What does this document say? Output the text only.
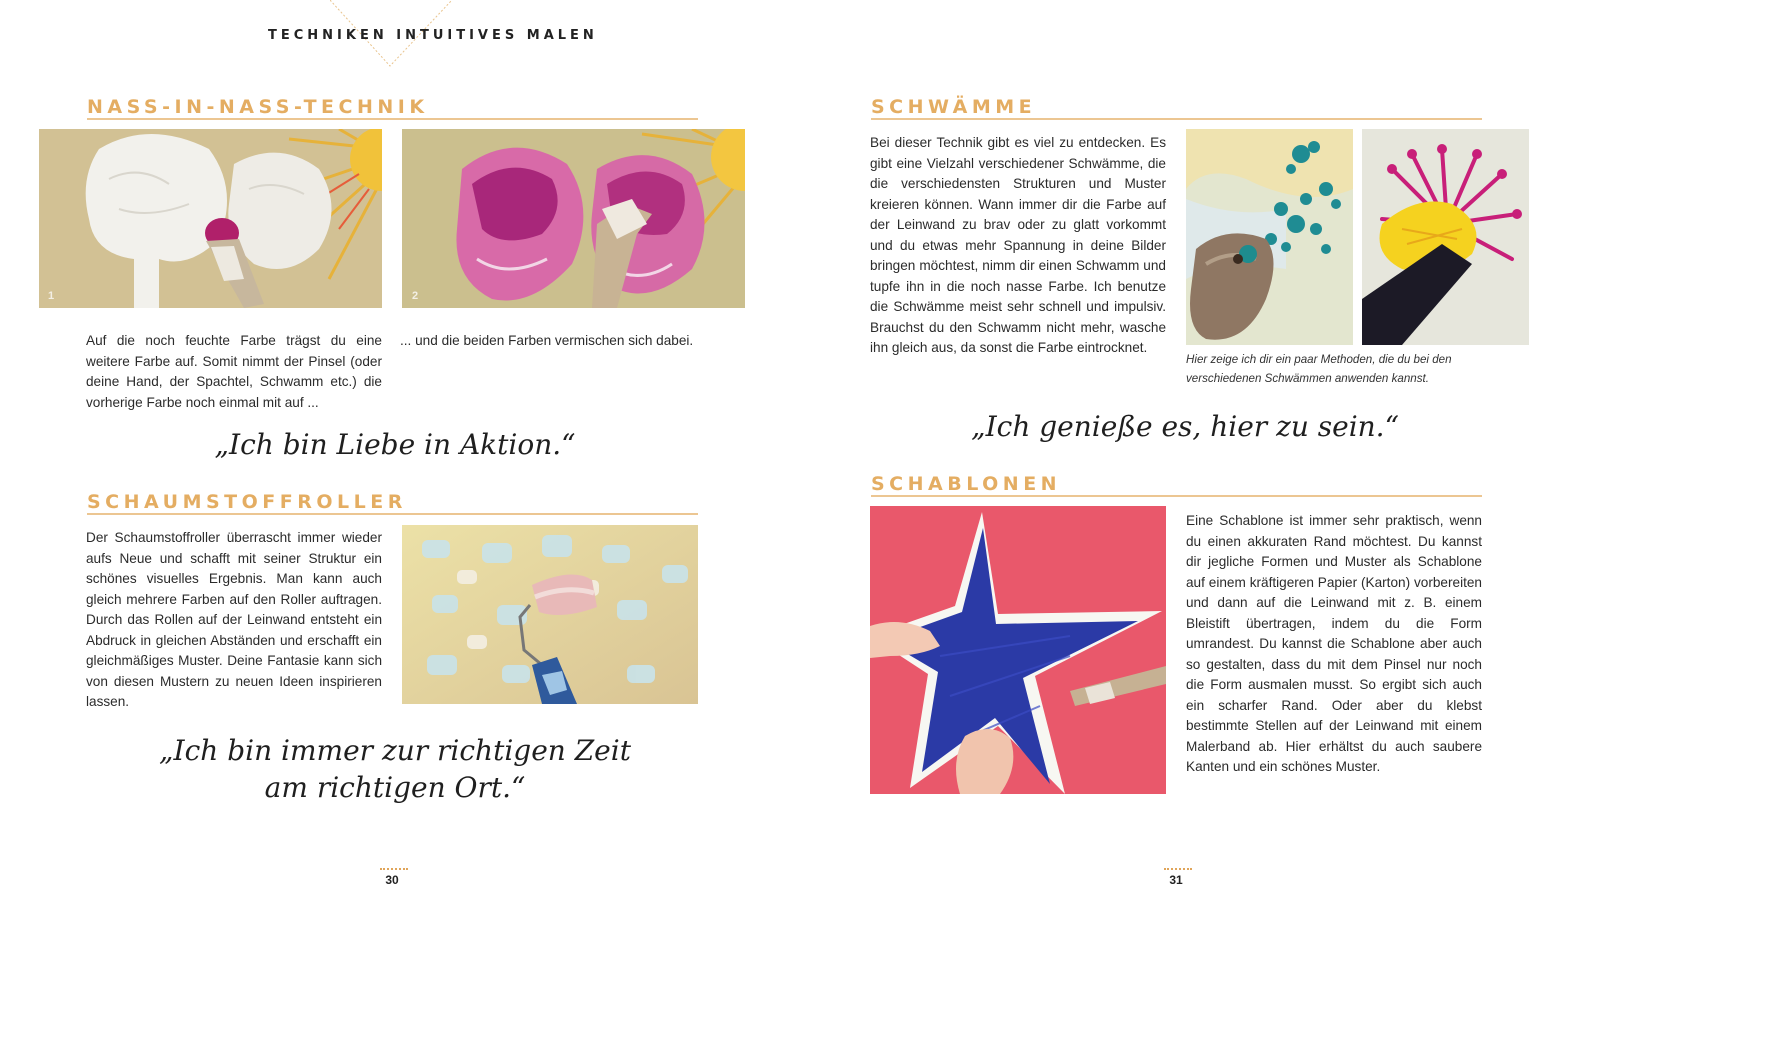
TECHNIKEN INTUITIVES MALEN
NASS-IN-NASS-TECHNIK
1	2
Auf die noch feuchte Farbe trägst du eine weitere Farbe auf. Somit nimmt der Pinsel (oder deine Hand, der Spachtel, Schwamm etc.) die vorherige Farbe noch einmal mit auf ...
... und die beiden Farben vermischen sich dabei.
„Ich bin Liebe in Aktion.“
SCHAUMSTOFFROLLER
Der Schaumstoffroller überrascht immer wieder aufs Neue und schafft mit seiner Struktur ein schönes visuelles Ergebnis. Man kann auch gleich mehrere Farben auf den Roller auftragen. Durch das Rollen auf der Leinwand entsteht ein Abdruck in gleichen Abständen und erschafft ein gleichmäßiges Muster. Deine Fantasie kann sich von diesen Mustern zu neuen Ideen inspirieren lassen.
„Ich bin immer zur richtigen Zeit
am richtigen Ort.“
30
SCHWÄMME
Bei dieser Technik gibt es viel zu entdecken. Es gibt eine Vielzahl verschiedener Schwämme, die die verschiedensten Strukturen und Muster kreieren können. Wann immer dir die Farbe auf der Leinwand zu brav oder zu glatt vorkommt und du etwas mehr Spannung in deine Bilder bringen möchtest, nimm dir einen Schwamm und tupfe ihn in die noch nasse Farbe. Ich benutze die Schwämme meist sehr schnell und impulsiv. Brauchst du den Schwamm nicht mehr, wasche ihn gleich aus, da sonst die Farbe eintrocknet.
Hier zeige ich dir ein paar Methoden, die du bei den verschiedenen Schwämmen anwenden kannst.
„Ich genieße es, hier zu sein.“
SCHABLONEN
Eine Schablone ist immer sehr praktisch, wenn du einen akkuraten Rand möchtest. Du kannst dir jegliche Formen und Muster als Schablone auf einem kräftigeren Papier (Karton) vorbereiten und dann auf die Leinwand mit z. B. einem Bleistift übertragen, indem du die Form umrandest. Du kannst die Schablone aber auch so gestalten, dass du mit dem Pinsel nur noch die Form ausmalen musst. So ergibt sich auch ein scharfer Rand. Oder aber du klebst bestimmte Stellen auf der Leinwand mit einem Malerband ab. Hier erhältst du auch saubere Kanten und ein schönes Muster.
31
